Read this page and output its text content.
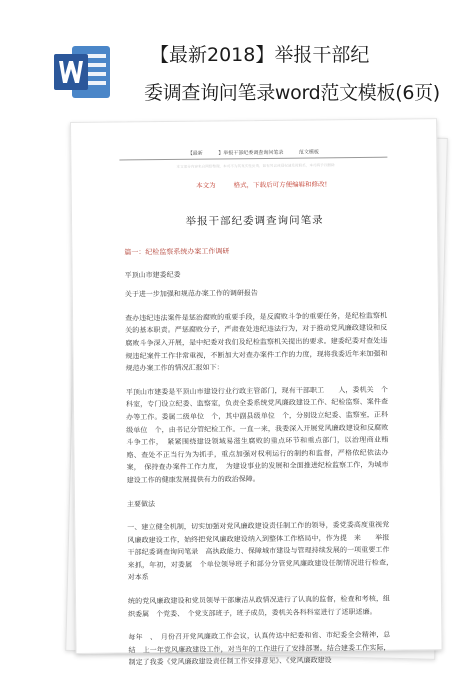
【最新2018】举报干部纪
委调查询问笔录word范文模板(6页)
【最新	】举报干部纪委调查询问笔录	范文模板
本文部分内容来自网络整理，本司不为其真实性负责，如有异议或侵权请及时联系，本司将予以删除
本文为	格式，下载后可方便编辑和修改!
举报干部纪委调查询问笔录
篇一：纪检监察系统办案工作调研
平顶山市建委纪委
关于进一步加强和规范办案工作的调研报告
查办违纪违法案件是惩治腐败的重要手段，是反腐败斗争的重要任务，是纪检监察机关的基本职责。严惩腐败分子，严肃查处违纪违法行为，对于推动党风廉政建设和反腐败斗争深入开展，是中纪委对我们及纪检监察机关提出的要求。建委纪委对查处违规违纪案件工作非常重视，不断加大对查办案件工作的力度，现将我委近年来加强和规范办案工作的情况汇报如下：
平顶山市建委是平顶山市建设行业行政主管部门，现有干部职工　　人，委机关　个科室，专门设立纪委、监察室，负责全委系统党风廉政建设工作、纪检监察、案件查办等工作。委属二级单位　个，其中副县级单位　个，分别设立纪委、监察室，正科级单位　个，由书记分管纪检工作。一直一来，我委深入开展党风廉政建设和反腐败斗争工作，　紧紧围绕建设领域易滋生腐败的重点环节和重点部门，以治理商业贿赂、查处不正当行为为抓手，重点加强对权利运行的制约和监督，严格依纪依法办案，　保持查办案件工作力度，　为建设事业的发展和全面推进纪检监察工作，为城市建设工作的健康发展提供有力的政治保障。
主要做法
一、建立健全机制，切实加强对党风廉政建设责任制工作的领导，委党委高度重视党风廉政建设工作，始终把党风廉政建设纳入到整体工作格局中，作为提　来　　举报干部纪委调查询问笔录　高执政能力、保障城市建设与管理持续发展的一项重要工作来抓，年初，对委属　个单位领导班子和部分分管党风廉政建设任制情况进行检查，　对本系
统的党风廉政建设和党员领导干部廉洁从政情况进行了认真的监督，检查和考核，组织委属　个党委、　个党支部班子，班子成员，委机关各科科室进行了述职述廉。
每年　、　月份召开党风廉政工作会议，认真传达中纪委和省、市纪委全会精神，总结　上一年党风廉政建设工作，对当年的工作进行了安排部署。结合建委工作实际，制定了我委《党风廉政建设责任制工作安排意见》、《党风廉政建设
